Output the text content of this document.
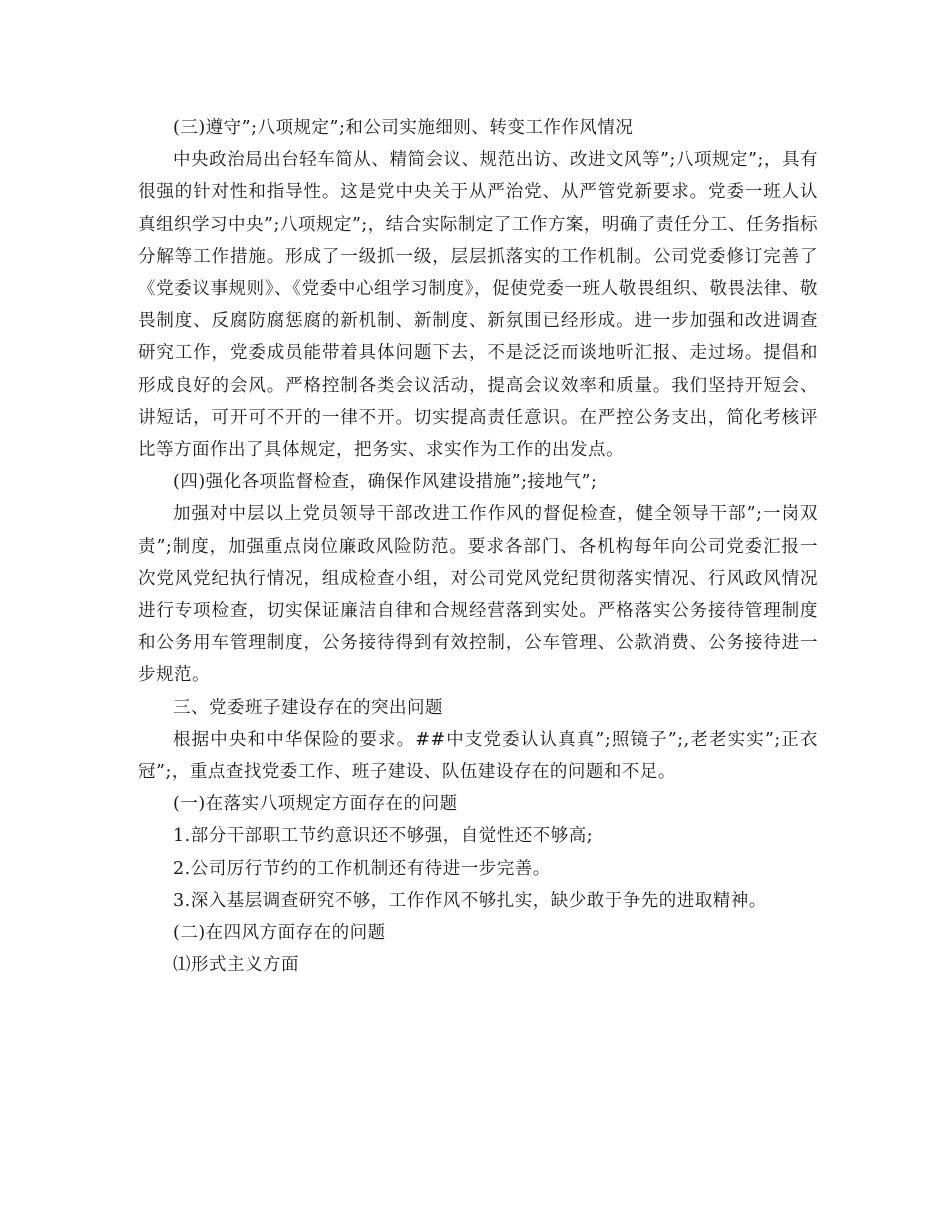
(三)遵守”;八项规定”;和公司实施细则、转变工作作风情况

中央政治局出台轻车简从、精简会议、规范出访、改进文风等”;八项规定”;，具有很强的针对性和指导性。这是党中央关于从严治党、从严管党新要求。党委一班人认真组织学习中央”;八项规定”;，结合实际制定了工作方案，明确了责任分工、任务指标分解等工作措施。形成了一级抓一级，层层抓落实的工作机制。公司党委修订完善了《党委议事规则》、《党委中心组学习制度》，促使党委一班人敬畏组织、敬畏法律、敬畏制度、反腐防腐惩腐的新机制、新制度、新氛围已经形成。进一步加强和改进调查研究工作，党委成员能带着具体问题下去，不是泛泛而谈地听汇报、走过场。提倡和形成良好的会风。严格控制各类会议活动，提高会议效率和质量。我们坚持开短会、讲短话，可开可不开的一律不开。切实提高责任意识。在严控公务支出，简化考核评比等方面作出了具体规定，把务实、求实作为工作的出发点。

(四)强化各项监督检查，确保作风建设措施”;接地气”;

加强对中层以上党员领导干部改进工作作风的督促检查，健全领导干部”;一岗双责”;制度，加强重点岗位廉政风险防范。要求各部门、各机构每年向公司党委汇报一次党风党纪执行情况，组成检查小组，对公司党风党纪贯彻落实情况、行风政风情况进行专项检查，切实保证廉洁自律和合规经营落到实处。严格落实公务接待管理制度和公务用车管理制度，公务接待得到有效控制，公车管理、公款消费、公务接待进一步规范。

三、党委班子建设存在的突出问题

根据中央和中华保险的要求。##中支党委认认真真”;照镜子”;,老老实实”;正衣冠”;，重点查找党委工作、班子建设、队伍建设存在的问题和不足。

(一)在落实八项规定方面存在的问题

1.部分干部职工节约意识还不够强，自觉性还不够高;

2.公司厉行节约的工作机制还有待进一步完善。

3.深入基层调查研究不够，工作作风不够扎实，缺少敢于争先的进取精神。

(二)在四风方面存在的问题

⑴形式主义方面
